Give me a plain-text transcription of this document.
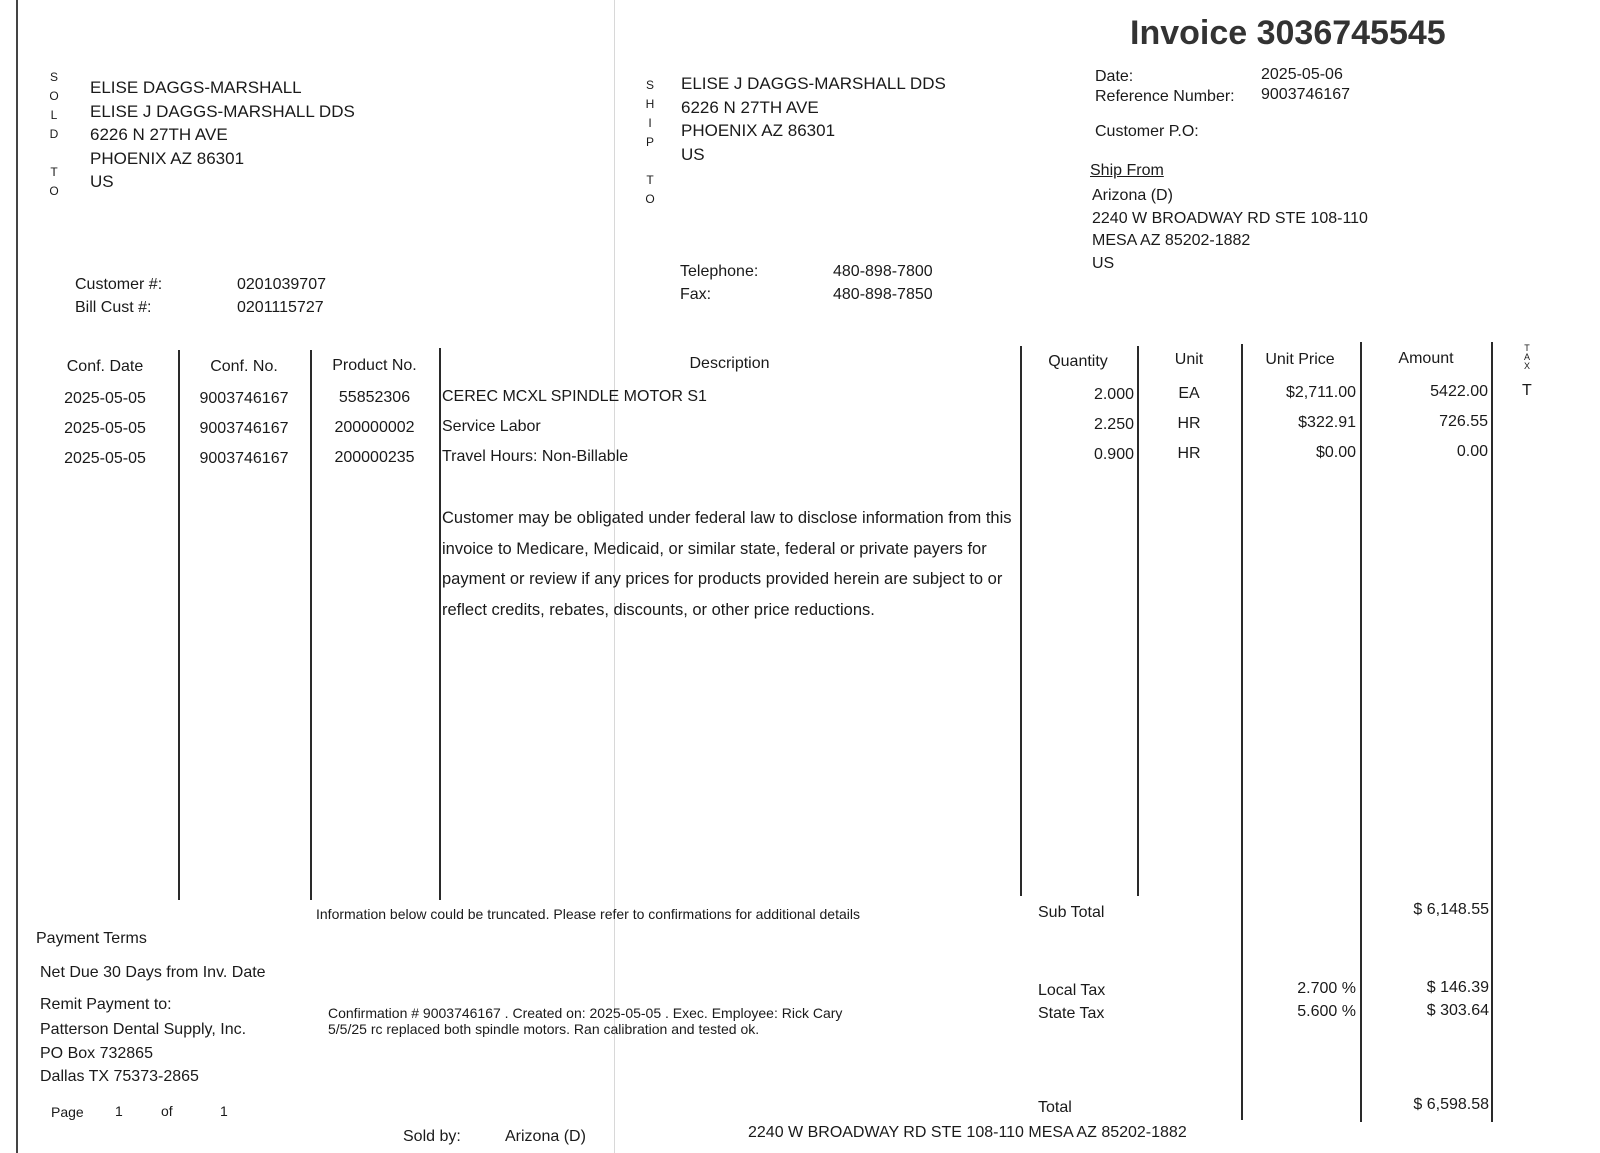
Invoice 3036745545
S
O
L
D

T
O
ELISE DAGGS-MARSHALL
ELISE J DAGGS-MARSHALL DDS
6226 N 27TH AVE
PHOENIX AZ 86301
US
S
H
I
P

T
O
ELISE J DAGGS-MARSHALL DDS
6226 N 27TH AVE
PHOENIX AZ 86301
US
Date:	2025-05-06
Reference Number: 9003746167
Customer P.O:
Ship From
Arizona (D)
2240 W BROADWAY RD STE 108-110
MESA AZ 85202-1882
US
Customer #:	0201039707
Bill Cust #:	0201115727
Telephone:	480-898-7800
Fax:	480-898-7850
Conf. Date	Conf. No.	Product No.	Description	Quantity	Unit	Unit Price	Amount
T
A
X
2025-05-05	9003746167	55852306	CEREC MCXL SPINDLE MOTOR S1	2.000	EA	$2,711.00	5422.00 T
2025-05-05	9003746167	200000002	Service Labor	2.250	HR	$322.91	726.55
2025-05-05	9003746167	200000235	Travel Hours: Non-Billable	0.900	HR	$0.00	0.00
Customer may be obligated under federal law to disclose information from this invoice to Medicare, Medicaid, or similar state, federal or private payers for payment or review if any prices for products provided herein are subject to or reflect credits, rebates, discounts, or other price reductions.
Information below could be truncated. Please refer to confirmations for additional details	Sub Total	$ 6,148.55
Payment Terms
Net Due 30 Days from Inv. Date
Remit Payment to:
Patterson Dental Supply, Inc.
PO Box 732865
Dallas TX 75373-2865
Local Tax	2.700 %	$ 146.39
State Tax	5.600 %	$ 303.64
Confirmation # 9003746167 . Created on: 2025-05-05 . Exec. Employee: Rick Cary
5/5/25 rc replaced both spindle motors. Ran calibration and tested ok.
Page 1	of	1	Total	$ 6,598.58
Sold by:	Arizona (D)	2240 W BROADWAY RD STE 108-110 MESA AZ 85202-1882
